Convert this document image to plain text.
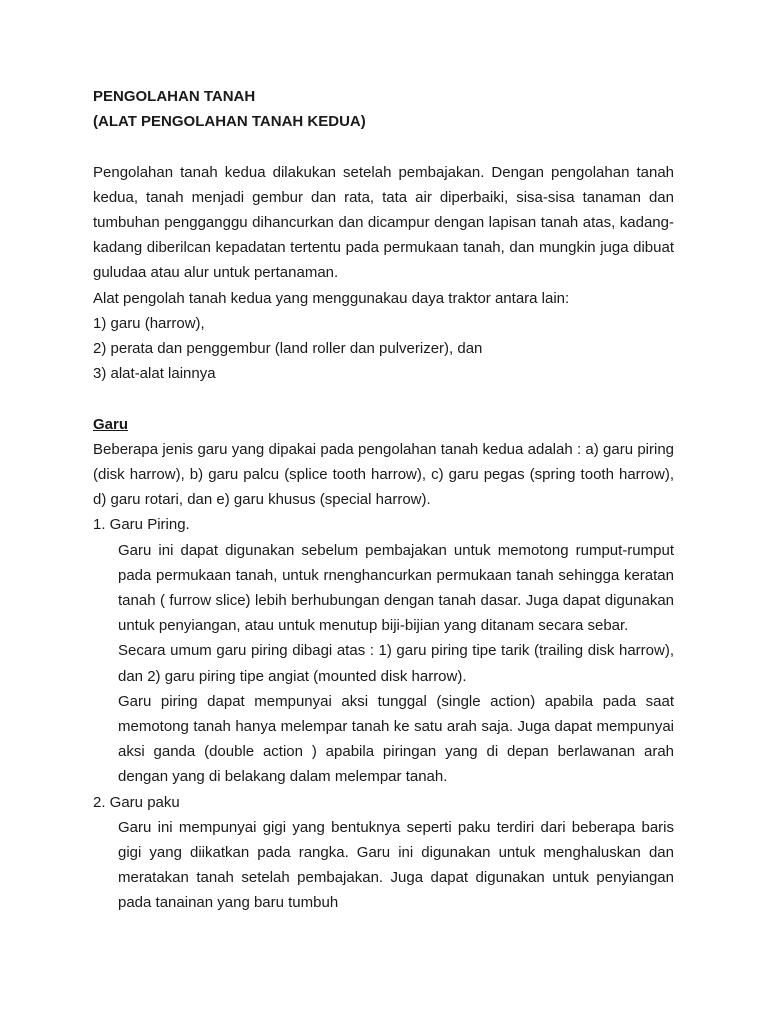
PENGOLAHAN TANAH

(ALAT PENGOLAHAN TANAH KEDUA)

Pengolahan tanah kedua dilakukan setelah pembajakan. Dengan pengolahan tanah kedua, tanah menjadi gembur dan rata, tata air diperbaiki, sisa-sisa tanaman dan tumbuhan pengganggu dihancurkan dan dicampur dengan lapisan tanah atas, kadang-kadang diberilcan kepadatan tertentu pada permukaan tanah, dan mungkin juga dibuat guludaa atau alur untuk pertanaman.

Alat pengolah tanah kedua yang menggunakau daya traktor antara lain:

1) garu (harrow),

2) perata dan penggembur (land roller dan pulverizer), dan

3) alat-alat lainnya

Garu

Beberapa jenis garu yang dipakai pada pengolahan tanah kedua adalah : a) garu piring (disk harrow), b) garu palcu (splice tooth harrow), c) garu pegas (spring tooth harrow), d) garu rotari, dan e) garu khusus (special harrow).

1. Garu Piring.

Garu ini dapat digunakan sebelum pembajakan untuk memotong rumput-rumput pada permukaan tanah, untuk rnenghancurkan permukaan tanah sehingga keratan tanah ( furrow slice) lebih berhubungan dengan tanah dasar. Juga dapat digunakan untuk penyiangan, atau untuk menutup biji-bijian yang ditanam secara sebar.

Secara umum garu piring dibagi atas : 1) garu piring tipe tarik (trailing disk harrow), dan 2) garu piring tipe angiat (mounted disk harrow).

Garu piring dapat mempunyai aksi tunggal (single action) apabila pada saat memotong tanah hanya melempar tanah ke satu arah saja. Juga dapat mempunyai aksi ganda (double action ) apabila piringan yang di depan berlawanan arah dengan yang di belakang dalam melempar tanah.

2. Garu paku

Garu ini mempunyai gigi yang bentuknya seperti paku terdiri dari beberapa baris gigi yang diikatkan pada rangka. Garu ini digunakan untuk menghaluskan dan meratakan tanah setelah pembajakan. Juga dapat digunakan untuk penyiangan pada tanainan yang baru tumbuh
